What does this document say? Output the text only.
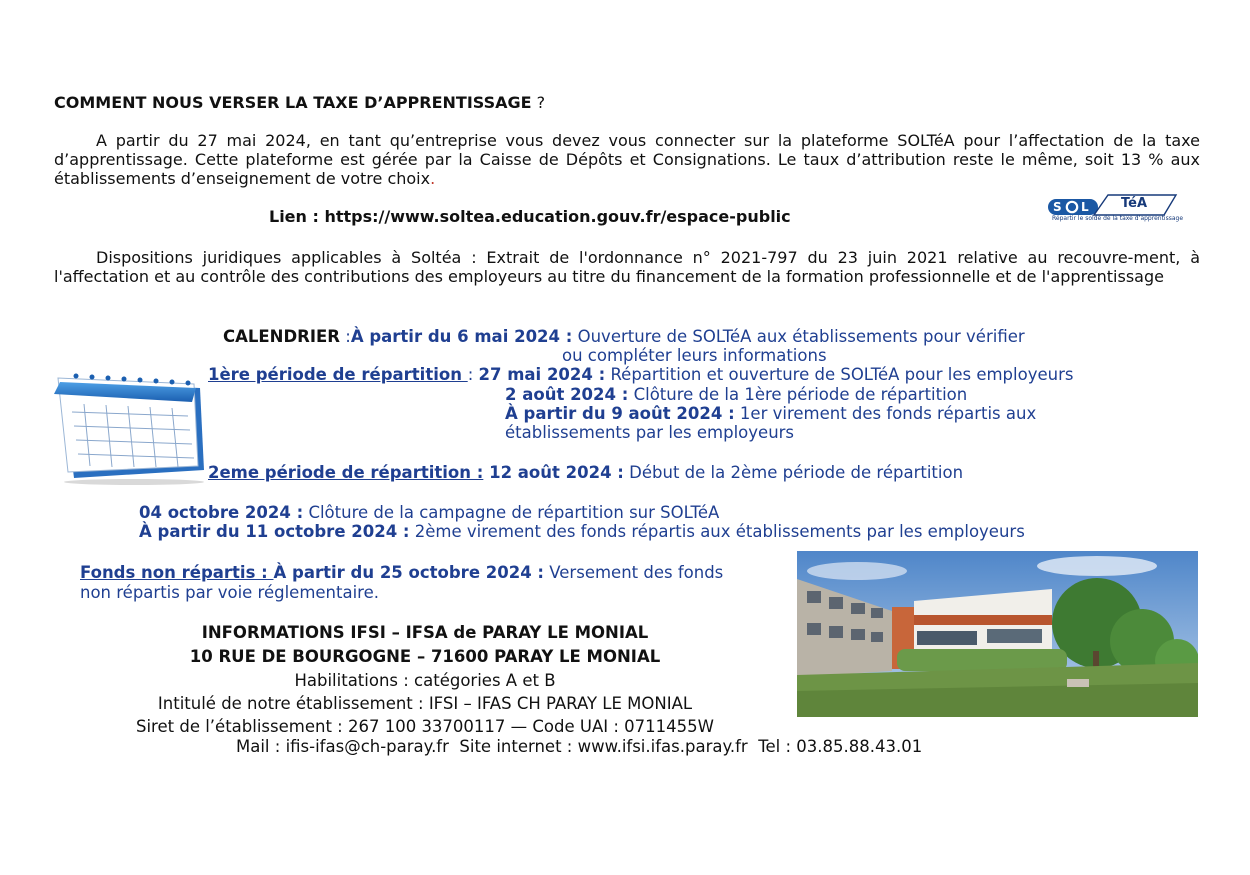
COMMENT NOUS VERSER LA TAXE D’APPRENTISSAGE ?
A partir du 27 mai 2024, en tant qu’entreprise vous devez vous connecter sur la plateforme SOLTéA pour l’affectation de la taxe d’apprentissage. Cette plateforme est gérée par la Caisse de Dépôts et Consignations. Le taux d’attribution reste le même, soit 13 % aux établissements d’enseignement de votre choix.
Lien : https://www.soltea.education.gouv.fr/espace-public	S L TéA
Répartir le solde de la taxe d’apprentissage
Dispositions juridiques applicables à Soltéa : Extrait de l'ordonnance n° 2021-797 du 23 juin 2021 relative au recouvre-ment, à l'affectation et au contrôle des contributions des employeurs au titre du financement de la formation professionnelle et de l'apprentissage
CALENDRIER :À partir du 6 mai 2024 : Ouverture de SOLTéA aux établissements pour vérifier
ou compléter leurs informations
1ère période de répartition : 27 mai 2024 : Répartition et ouverture de SOLTéA pour les employeurs
2 août 2024 : Clôture de la 1ère période de répartition
À partir du 9 août 2024 : 1er virement des fonds répartis aux
établissements par les employeurs
2eme période de répartition : 12 août 2024 : Début de la 2ème période de répartition
04 octobre 2024 : Clôture de la campagne de répartition sur SOLTéA
À partir du 11 octobre 2024 : 2ème virement des fonds répartis aux établissements par les employeurs
Fonds non répartis : À partir du 25 octobre 2024 : Versement des fonds
non répartis par voie réglementaire.
INFORMATIONS IFSI – IFSA de PARAY LE MONIAL
10 RUE DE BOURGOGNE – 71600 PARAY LE MONIAL
Habilitations : catégories A et B
Intitulé de notre établissement : IFSI – IFAS CH PARAY LE MONIAL
Siret de l’établissement : 267 100 33700117 — Code UAI : 0711455W
Mail : ifis-ifas@ch-paray.fr  Site internet : www.ifsi.ifas.paray.fr  Tel : 03.85.88.43.01
